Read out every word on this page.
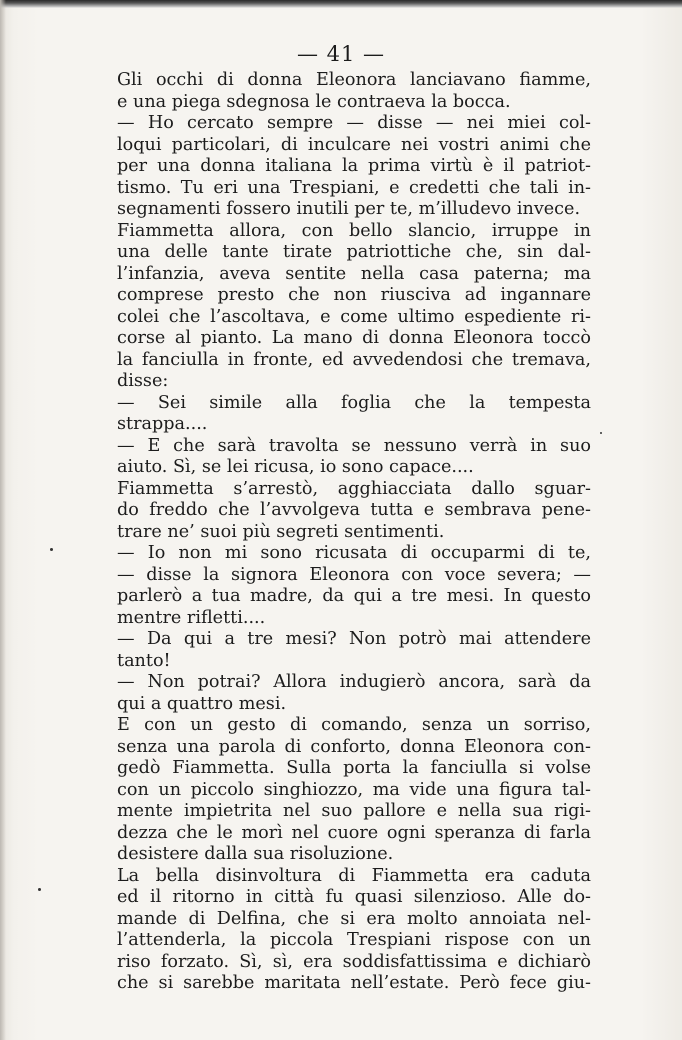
— 41 —
Gli occhi di donna Eleonora lanciavano fiamme,
e una piega sdegnosa le contraeva la bocca.
— Ho cercato sempre — disse — nei miei col-
loqui particolari, di inculcare nei vostri animi che
per una donna italiana la prima virtù è il patriot-
tismo. Tu eri una Trespiani, e credetti che tali in-
segnamenti fossero inutili per te, m’illudevo invece.
Fiammetta allora, con bello slancio, irruppe in
una delle tante tirate patriottiche che, sin dal-
l’infanzia, aveva sentite nella casa paterna; ma
comprese presto che non riusciva ad ingannare
colei che l’ascoltava, e come ultimo espediente ri-
corse al pianto. La mano di donna Eleonora toccò
la fanciulla in fronte, ed avvedendosi che tremava,
disse:
— Sei simile alla foglia che la tempesta
strappa....
— E che sarà travolta se nessuno verrà in suo
aiuto. Sì, se lei ricusa, io sono capace....
Fiammetta s’arrestò, agghiacciata dallo sguar-
do freddo che l’avvolgeva tutta e sembrava pene-
trare ne’ suoi più segreti sentimenti.
— Io non mi sono ricusata di occuparmi di te,
— disse la signora Eleonora con voce severa; —
parlerò a tua madre, da qui a tre mesi. In questo
mentre rifletti....
— Da qui a tre mesi? Non potrò mai attendere
tanto!
— Non potrai? Allora indugierò ancora, sarà da
qui a quattro mesi.
E con un gesto di comando, senza un sorriso,
senza una parola di conforto, donna Eleonora con-
gedò Fiammetta. Sulla porta la fanciulla si volse
con un piccolo singhiozzo, ma vide una figura tal-
mente impietrita nel suo pallore e nella sua rigi-
dezza che le morì nel cuore ogni speranza di farla
desistere dalla sua risoluzione.
La bella disinvoltura di Fiammetta era caduta
ed il ritorno in città fu quasi silenzioso. Alle do-
mande di Delfina, che si era molto annoiata nel-
l’attenderla, la piccola Trespiani rispose con un
riso forzato. Sì, sì, era soddisfattissima e dichiarò
che si sarebbe maritata nell’estate. Però fece giu-
